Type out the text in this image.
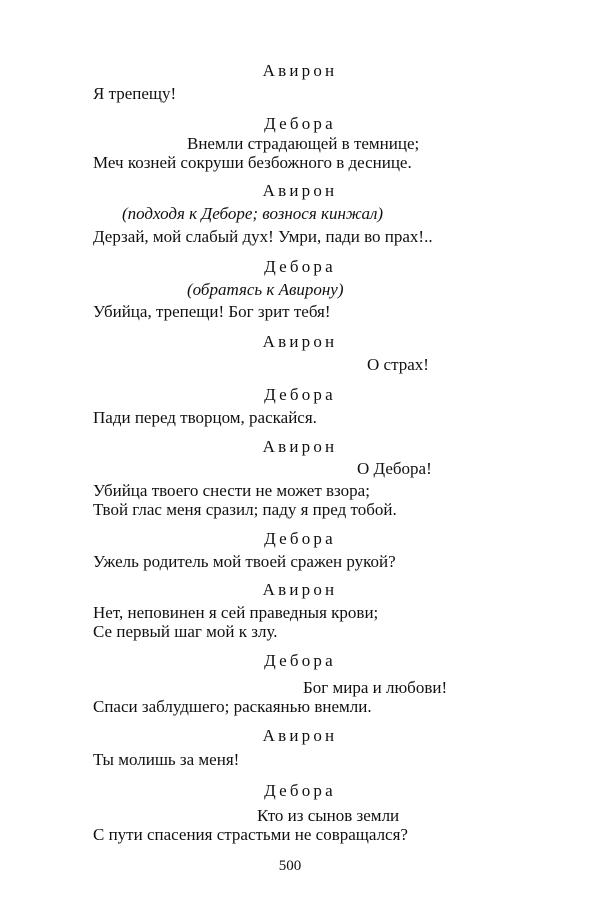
Авирон
Я трепещу!
Дебора
Внемли страдающей в темнице;
Меч козней сокруши безбожного в деснице.
Авирон
(подходя к Деборе; вознося кинжал)
Дерзай, мой слабый дух! Умри, пади во прах!..
Дебора
(обратясь к Авирону)
Убийца, трепещи! Бог зрит тебя!
Авирон
О страх!
Дебора
Пади перед творцом, раскайся.
Авирон
О Дебора!
Убийца твоего снести не может взора;
Твой глас меня сразил; паду я пред тобой.
Дебора
Ужель родитель мой твоей сражен рукой?
Авирон
Нет, неповинен я сей праведныя крови;
Се первый шаг мой к злу.
Дебора
Бог мира и любови!
Спаси заблудшего; раскаянью внемли.
Авирон
Ты молишь за меня!
Дебора
Кто из сынов земли
С пути спасения страстьми не совращался?
500
